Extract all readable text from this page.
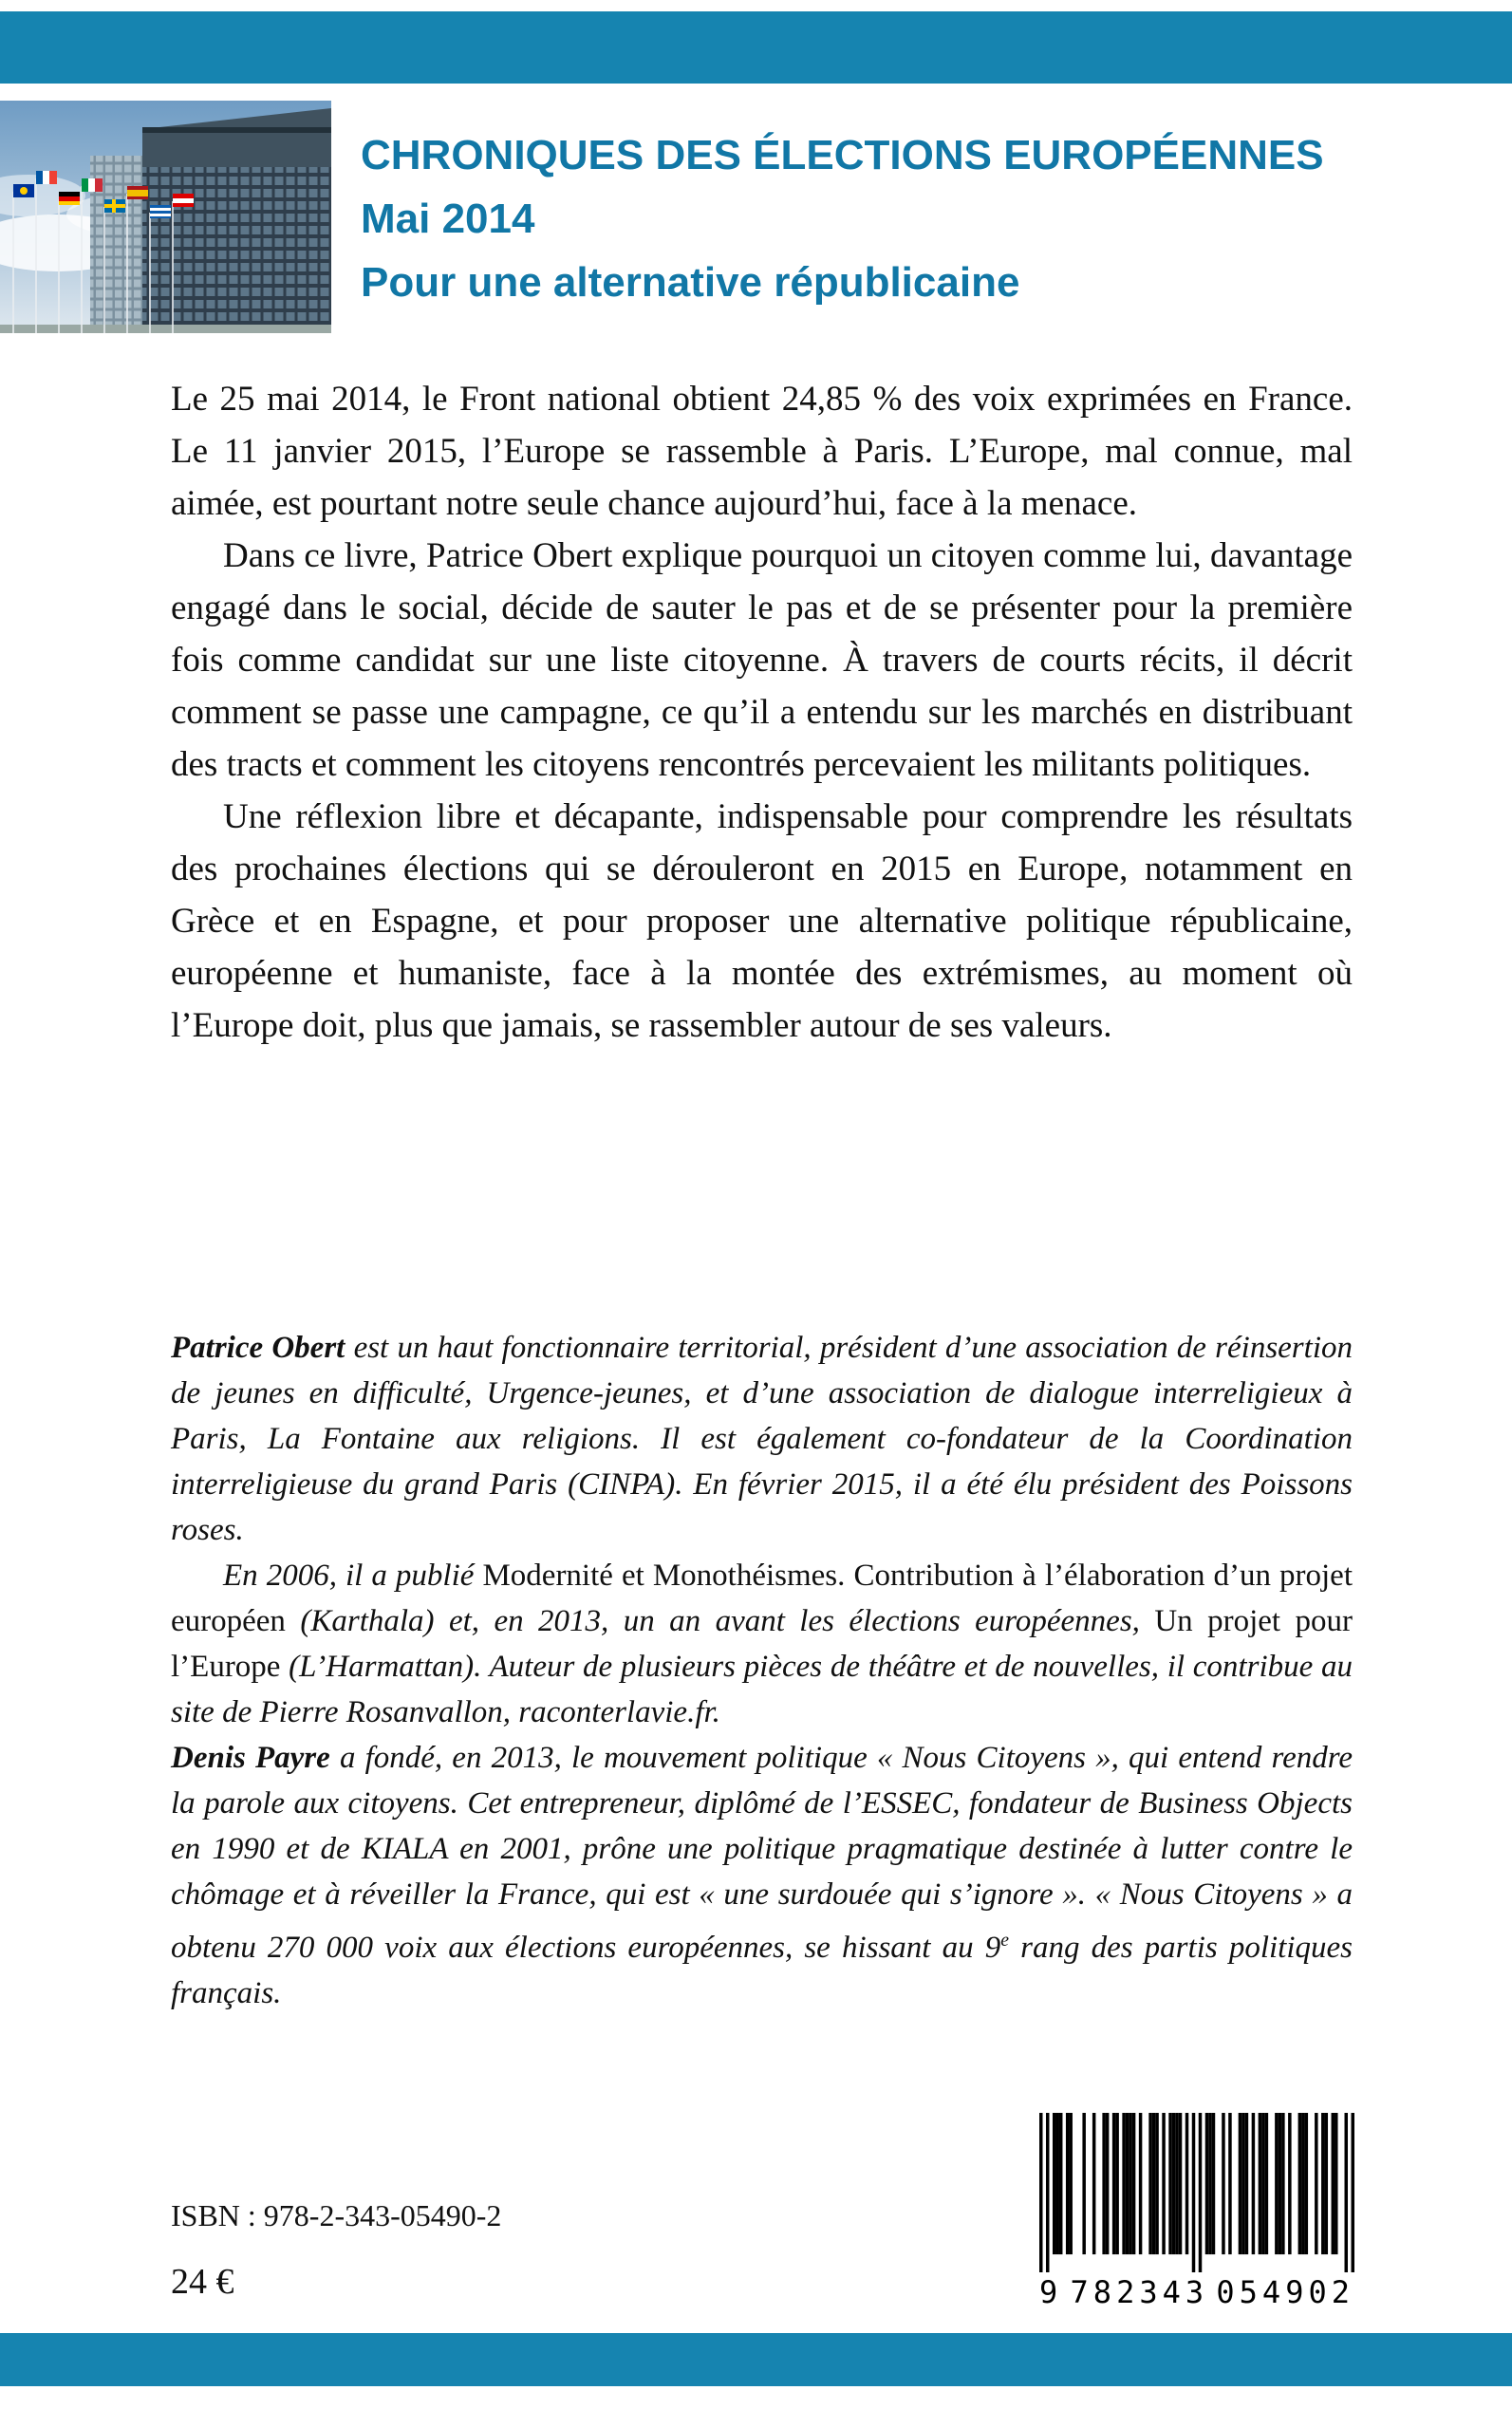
CHRONIQUES DES ÉLECTIONS EUROPÉENNES
Mai 2014
Pour une alternative républicaine

Le 25 mai 2014, le Front national obtient 24,85 % des voix exprimées en France. Le 11 janvier 2015, l’Europe se rassemble à Paris. L’Europe, mal connue, mal aimée, est pourtant notre seule chance aujourd’hui, face à la menace.

Dans ce livre, Patrice Obert explique pourquoi un citoyen comme lui, davantage engagé dans le social, décide de sauter le pas et de se présenter pour la première fois comme candidat sur une liste citoyenne. À travers de courts récits, il décrit comment se passe une campagne, ce qu’il a entendu sur les marchés en distribuant des tracts et comment les citoyens rencontrés percevaient les militants politiques.

Une réflexion libre et décapante, indispensable pour comprendre les résultats des prochaines élections qui se dérouleront en 2015 en Europe, notamment en Grèce et en Espagne, et pour proposer une alternative politique républicaine, européenne et humaniste, face à la montée des extrémismes, au moment où l’Europe doit, plus que jamais, se rassembler autour de ses valeurs.

Patrice Obert est un haut fonctionnaire territorial, président d’une association de réinsertion de jeunes en difficulté, Urgence-jeunes, et d’une association de dialogue interreligieux à Paris, La Fontaine aux religions. Il est également co-fondateur de la Coordination interreligieuse du grand Paris (CINPA). En février 2015, il a été élu président des Poissons roses.

En 2006, il a publié Modernité et Monothéismes. Contribution à l’élaboration d’un projet européen (Karthala) et, en 2013, un an avant les élections européennes, Un projet pour l’Europe (L’Harmattan). Auteur de plusieurs pièces de théâtre et de nouvelles, il contribue au site de Pierre Rosanvallon, raconterlavie.fr.

Denis Payre a fondé, en 2013, le mouvement politique « Nous Citoyens », qui entend rendre la parole aux citoyens. Cet entrepreneur, diplômé de l’ESSEC, fondateur de Business Objects en 1990 et de KIALA en 2001, prône une politique pragmatique destinée à lutter contre le chômage et à réveiller la France, qui est « une surdouée qui s’ignore ». « Nous Citoyens » a obtenu 270 000 voix aux élections européennes, se hissant au 9e rang des partis politiques français.

ISBN : 978-2-343-05490-2
24 €	9 782343 054902
